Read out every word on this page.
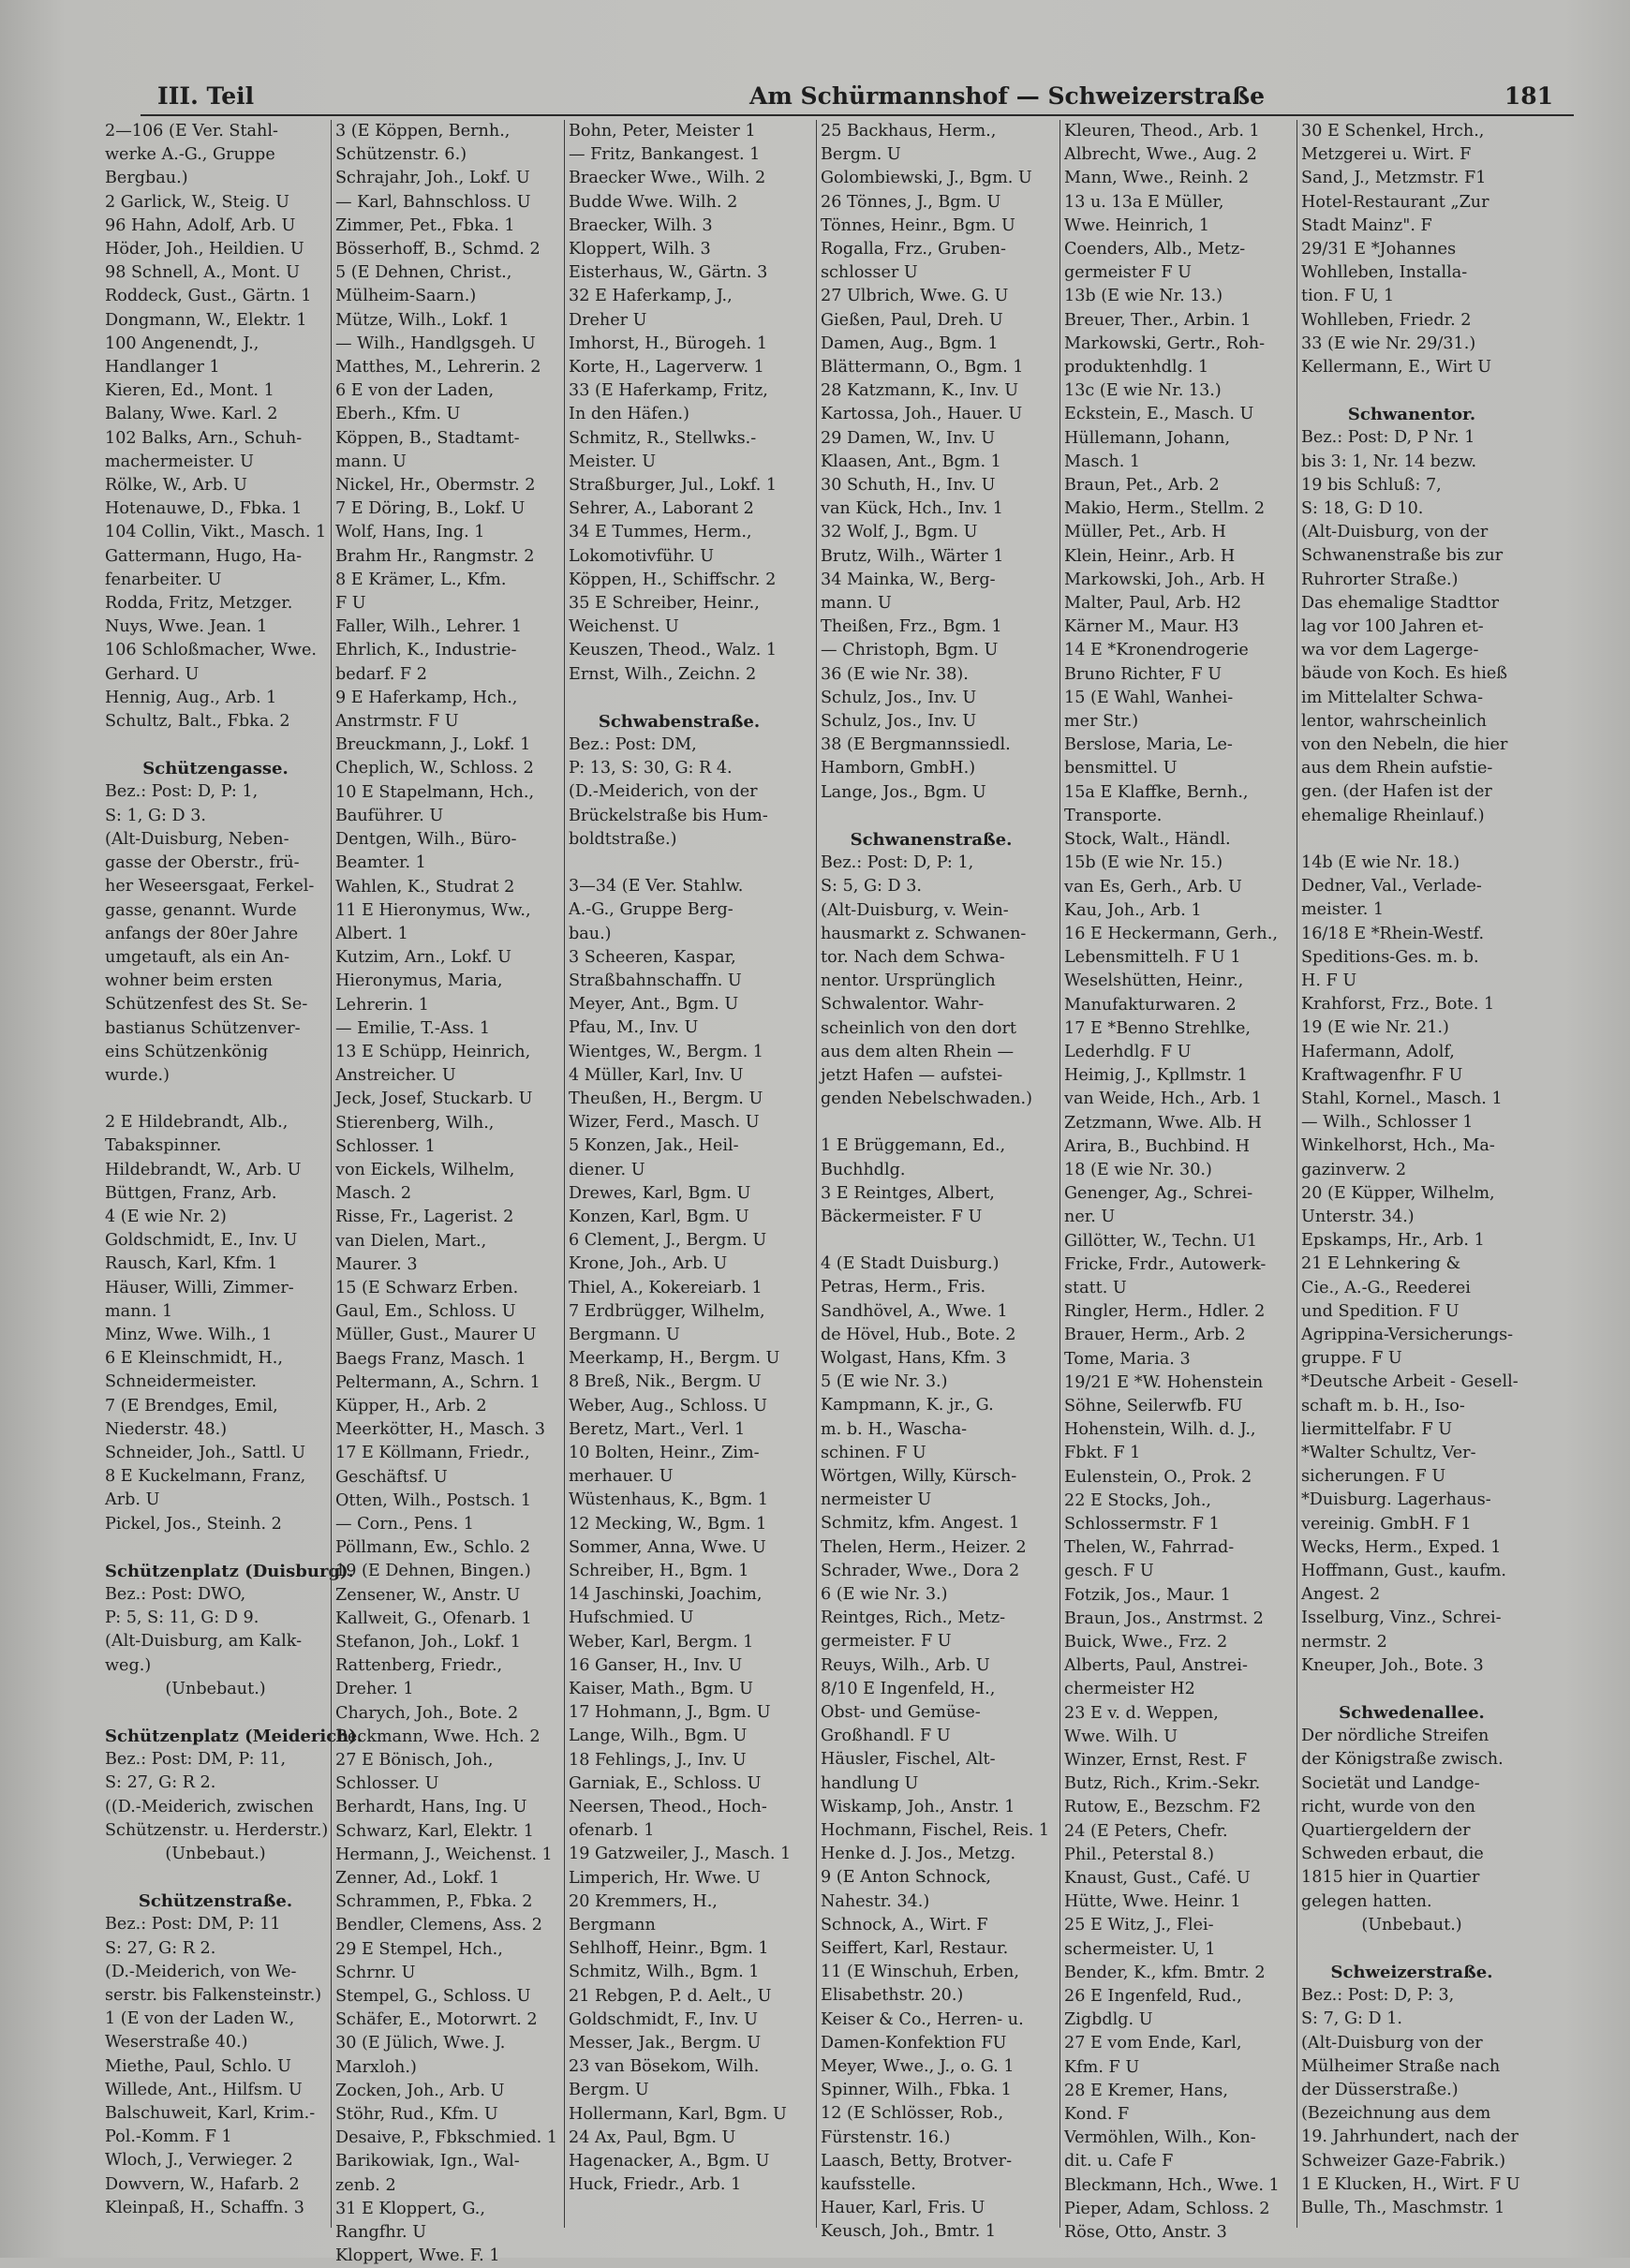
III. Teil	Am Schürmannshof — Schweizerstraße	181
2—106 (E Ver. Stahl-
werke A.-G., Gruppe
Bergbau.)
2 Garlick, W., Steig. U
96 Hahn, Adolf, Arb. U
Höder, Joh., Heildien. U
98 Schnell, A., Mont. U
Roddeck, Gust., Gärtn. 1
Dongmann, W., Elektr. 1
100 Angenendt, J.,
Handlanger 1
Kieren, Ed., Mont. 1
Balany, Wwe. Karl. 2
102 Balks, Arn., Schuh-
machermeister. U
Rölke, W., Arb. U
Hotenauwe, D., Fbka. 1
104 Collin, Vikt., Masch. 1
Gattermann, Hugo, Ha-
fenarbeiter. U
Rodda, Fritz, Metzger.
Nuys, Wwe. Jean. 1
106 Schloßmacher, Wwe.
Gerhard. U
Hennig, Aug., Arb. 1
Schultz, Balt., Fbka. 2
Schützengasse.
Bez.: Post: D, P: 1,
S: 1, G: D 3.
(Alt-Duisburg, Neben-
gasse der Oberstr., frü-
her Weseersgaat, Ferkel-
gasse, genannt. Wurde
anfangs der 80er Jahre
umgetauft, als ein An-
wohner beim ersten
Schützenfest des St. Se-
bastianus Schützenver-
eins Schützenkönig
wurde.)
2 E Hildebrandt, Alb.,
Tabakspinner.
Hildebrandt, W., Arb. U
Büttgen, Franz, Arb.
4 (E wie Nr. 2)
Goldschmidt, E., Inv. U
Rausch, Karl, Kfm. 1
Häuser, Willi, Zimmer-
mann. 1
Minz, Wwe. Wilh., 1
6 E Kleinschmidt, H.,
Schneidermeister.
7 (E Brendges, Emil,
Niederstr. 48.)
Schneider, Joh., Sattl. U
8 E Kuckelmann, Franz,
Arb. U
Pickel, Jos., Steinh. 2
Schützenplatz (Duisburg).
Bez.: Post: DWO,
P: 5, S: 11, G: D 9.
(Alt-Duisburg, am Kalk-
weg.)
(Unbebaut.)
Schützenplatz (Meiderich).
Bez.: Post: DM, P: 11,
S: 27, G: R 2.
((D.-Meiderich, zwischen
Schützenstr. u. Herderstr.)
(Unbebaut.)
Schützenstraße.
Bez.: Post: DM, P: 11
S: 27, G: R 2.
(D.-Meiderich, von We-
serstr. bis Falkensteinstr.)
1 (E von der Laden W.,
Weserstraße 40.)
Miethe, Paul, Schlo. U
Willede, Ant., Hilfsm. U
Balschuweit, Karl, Krim.-
Pol.-Komm. F 1
Wloch, J., Verwieger. 2
Dowvern, W., Hafarb. 2
Kleinpaß, H., Schaffn. 3
3 (E Köppen, Bernh.,
Schützenstr. 6.)
Schrajahr, Joh., Lokf. U
— Karl, Bahnschloss. U
Zimmer, Pet., Fbka. 1
Bösserhoff, B., Schmd. 2
5 (E Dehnen, Christ.,
Mülheim-Saarn.)
Mütze, Wilh., Lokf. 1
— Wilh., Handlgsgeh. U
Matthes, M., Lehrerin. 2
6 E von der Laden,
Eberh., Kfm. U
Köppen, B., Stadtamt-
mann. U
Nickel, Hr., Obermstr. 2
7 E Döring, B., Lokf. U
Wolf, Hans, Ing. 1
Brahm Hr., Rangmstr. 2
8 E Krämer, L., Kfm.
F U
Faller, Wilh., Lehrer. 1
Ehrlich, K., Industrie-
bedarf. F 2
9 E Haferkamp, Hch.,
Anstrmstr. F U
Breuckmann, J., Lokf. 1
Cheplich, W., Schloss. 2
10 E Stapelmann, Hch.,
Bauführer. U
Dentgen, Wilh., Büro-
Beamter. 1
Wahlen, K., Studrat 2
11 E Hieronymus, Ww.,
Albert. 1
Kutzim, Arn., Lokf. U
Hieronymus, Maria,
Lehrerin. 1
— Emilie, T.-Ass. 1
13 E Schüpp, Heinrich,
Anstreicher. U
Jeck, Josef, Stuckarb. U
Stierenberg, Wilh.,
Schlosser. 1
von Eickels, Wilhelm,
Masch. 2
Risse, Fr., Lagerist. 2
van Dielen, Mart.,
Maurer. 3
15 (E Schwarz Erben.
Gaul, Em., Schloss. U
Müller, Gust., Maurer U
Baegs Franz, Masch. 1
Peltermann, A., Schrn. 1
Küpper, H., Arb. 2
Meerkötter, H., Masch. 3
17 E Köllmann, Friedr.,
Geschäftsf. U
Otten, Wilh., Postsch. 1
— Corn., Pens. 1
Pöllmann, Ew., Schlo. 2
19 (E Dehnen, Bingen.)
Zensener, W., Anstr. U
Kallweit, G., Ofenarb. 1
Stefanon, Joh., Lokf. 1
Rattenberg, Friedr.,
Dreher. 1
Charych, Joh., Bote. 2
Beckmann, Wwe. Hch. 2
27 E Bönisch, Joh.,
Schlosser. U
Berhardt, Hans, Ing. U
Schwarz, Karl, Elektr. 1
Hermann, J., Weichenst. 1
Zenner, Ad., Lokf. 1
Schrammen, P., Fbka. 2
Bendler, Clemens, Ass. 2
29 E Stempel, Hch.,
Schrnr. U
Stempel, G., Schloss. U
Schäfer, E., Motorwrt. 2
30 (E Jülich, Wwe. J.
Marxloh.)
Zocken, Joh., Arb. U
Stöhr, Rud., Kfm. U
Desaive, P., Fbkschmied. 1
Barikowiak, Ign., Wal-
zenb. 2
31 E Kloppert, G.,
Rangfhr. U
Kloppert, Wwe. F. 1
Bohn, Peter, Meister 1
— Fritz, Bankangest. 1
Braecker Wwe., Wilh. 2
Budde Wwe. Wilh. 2
Braecker, Wilh. 3
Kloppert, Wilh. 3
Eisterhaus, W., Gärtn. 3
32 E Haferkamp, J.,
Dreher U
Imhorst, H., Bürogeh. 1
Korte, H., Lagerverw. 1
33 (E Haferkamp, Fritz,
In den Häfen.)
Schmitz, R., Stellwks.-
Meister. U
Straßburger, Jul., Lokf. 1
Sehrer, A., Laborant 2
34 E Tummes, Herm.,
Lokomotivführ. U
Köppen, H., Schiffschr. 2
35 E Schreiber, Heinr.,
Weichenst. U
Keuszen, Theod., Walz. 1
Ernst, Wilh., Zeichn. 2
Schwabenstraße.
Bez.: Post: DM,
P: 13, S: 30, G: R 4.
(D.-Meiderich, von der
Brückelstraße bis Hum-
boldtstraße.)
3—34 (E Ver. Stahlw.
A.-G., Gruppe Berg-
bau.)
3 Scheeren, Kaspar,
Straßbahnschaffn. U
Meyer, Ant., Bgm. U
Pfau, M., Inv. U
Wientges, W., Bergm. 1
4 Müller, Karl, Inv. U
Theußen, H., Bergm. U
Wizer, Ferd., Masch. U
5 Konzen, Jak., Heil-
diener. U
Drewes, Karl, Bgm. U
Konzen, Karl, Bgm. U
6 Clement, J., Bergm. U
Krone, Joh., Arb. U
Thiel, A., Kokereiarb. 1
7 Erdbrügger, Wilhelm,
Bergmann. U
Meerkamp, H., Bergm. U
8 Breß, Nik., Bergm. U
Weber, Aug., Schloss. U
Beretz, Mart., Verl. 1
10 Bolten, Heinr., Zim-
merhauer. U
Wüstenhaus, K., Bgm. 1
12 Mecking, W., Bgm. 1
Sommer, Anna, Wwe. U
Schreiber, H., Bgm. 1
14 Jaschinski, Joachim,
Hufschmied. U
Weber, Karl, Bergm. 1
16 Ganser, H., Inv. U
Kaiser, Math., Bgm. U
17 Hohmann, J., Bgm. U
Lange, Wilh., Bgm. U
18 Fehlings, J., Inv. U
Garniak, E., Schloss. U
Neersen, Theod., Hoch-
ofenarb. 1
19 Gatzweiler, J., Masch. 1
Limperich, Hr. Wwe. U
20 Kremmers, H.,
Bergmann
Sehlhoff, Heinr., Bgm. 1
Schmitz, Wilh., Bgm. 1
21 Rebgen, P. d. Aelt., U
Goldschmidt, F., Inv. U
Messer, Jak., Bergm. U
23 van Bösekom, Wilh.
Bergm. U
Hollermann, Karl, Bgm. U
24 Ax, Paul, Bgm. U
Hagenacker, A., Bgm. U
Huck, Friedr., Arb. 1
25 Backhaus, Herm.,
Bergm. U
Golombiewski, J., Bgm. U
26 Tönnes, J., Bgm. U
Tönnes, Heinr., Bgm. U
Rogalla, Frz., Gruben-
schlosser U
27 Ulbrich, Wwe. G. U
Gießen, Paul, Dreh. U
Damen, Aug., Bgm. 1
Blättermann, O., Bgm. 1
28 Katzmann, K., Inv. U
Kartossa, Joh., Hauer. U
29 Damen, W., Inv. U
Klaasen, Ant., Bgm. 1
30 Schuth, H., Inv. U
van Kück, Hch., Inv. 1
32 Wolf, J., Bgm. U
Brutz, Wilh., Wärter 1
34 Mainka, W., Berg-
mann. U
Theißen, Frz., Bgm. 1
— Christoph, Bgm. U
36 (E wie Nr. 38).
Schulz, Jos., Inv. U
Schulz, Jos., Inv. U
38 (E Bergmannssiedl.
Hamborn, GmbH.)
Lange, Jos., Bgm. U
Schwanenstraße.
Bez.: Post: D, P: 1,
S: 5, G: D 3.
(Alt-Duisburg, v. Wein-
hausmarkt z. Schwanen-
tor. Nach dem Schwa-
nentor. Ursprünglich
Schwalentor. Wahr-
scheinlich von den dort
aus dem alten Rhein —
jetzt Hafen — aufstei-
genden Nebelschwaden.)
1 E Brüggemann, Ed.,
Buchhdlg.
3 E Reintges, Albert,
Bäckermeister. F U
4 (E Stadt Duisburg.)
Petras, Herm., Fris.
Sandhövel, A., Wwe. 1
de Hövel, Hub., Bote. 2
Wolgast, Hans, Kfm. 3
5 (E wie Nr. 3.)
Kampmann, K. jr., G.
m. b. H., Wascha-
schinen. F U
Wörtgen, Willy, Kürsch-
nermeister U
Schmitz, kfm. Angest. 1
Thelen, Herm., Heizer. 2
Schrader, Wwe., Dora 2
6 (E wie Nr. 3.)
Reintges, Rich., Metz-
germeister. F U
Reuys, Wilh., Arb. U
8/10 E Ingenfeld, H.,
Obst- und Gemüse-
Großhandl. F U
Häusler, Fischel, Alt-
handlung U
Wiskamp, Joh., Anstr. 1
Hochmann, Fischel, Reis. 1
Henke d. J. Jos., Metzg.
9 (E Anton Schnock,
Nahestr. 34.)
Schnock, A., Wirt. F
Seiffert, Karl, Restaur.
11 (E Winschuh, Erben,
Elisabethstr. 20.)
Keiser & Co., Herren- u.
Damen-Konfektion FU
Meyer, Wwe., J., o. G. 1
Spinner, Wilh., Fbka. 1
12 (E Schlösser, Rob.,
Fürstenstr. 16.)
Laasch, Betty, Brotver-
kaufsstelle.
Hauer, Karl, Fris. U
Keusch, Joh., Bmtr. 1
Kleuren, Theod., Arb. 1
Albrecht, Wwe., Aug. 2
Mann, Wwe., Reinh. 2
13 u. 13a E Müller,
Wwe. Heinrich, 1
Coenders, Alb., Metz-
germeister F U
13b (E wie Nr. 13.)
Breuer, Ther., Arbin. 1
Markowski, Gertr., Roh-
produktenhdlg. 1
13c (E wie Nr. 13.)
Eckstein, E., Masch. U
Hüllemann, Johann,
Masch. 1
Braun, Pet., Arb. 2
Makio, Herm., Stellm. 2
Müller, Pet., Arb. H
Klein, Heinr., Arb. H
Markowski, Joh., Arb. H
Malter, Paul, Arb. H2
Kärner M., Maur. H3
14 E *Kronendrogerie
Bruno Richter, F U
15 (E Wahl, Wanhei-
mer Str.)
Berslose, Maria, Le-
bensmittel. U
15a E Klaffke, Bernh.,
Transporte.
Stock, Walt., Händl.
15b (E wie Nr. 15.)
van Es, Gerh., Arb. U
Kau, Joh., Arb. 1
16 E Heckermann, Gerh.,
Lebensmittelh. F U 1
Weselshütten, Heinr.,
Manufakturwaren. 2
17 E *Benno Strehlke,
Lederhdlg. F U
Heimig, J., Kpllmstr. 1
van Weide, Hch., Arb. 1
Zetzmann, Wwe. Alb. H
Arira, B., Buchbind. H
18 (E wie Nr. 30.)
Genenger, Ag., Schrei-
ner. U
Gillötter, W., Techn. U1
Fricke, Frdr., Autowerk-
statt. U
Ringler, Herm., Hdler. 2
Brauer, Herm., Arb. 2
Tome, Maria. 3
19/21 E *W. Hohenstein
Söhne, Seilerwfb. FU
Hohenstein, Wilh. d. J.,
Fbkt. F 1
Eulenstein, O., Prok. 2
22 E Stocks, Joh.,
Schlossermstr. F 1
Thelen, W., Fahrrad-
gesch. F U
Fotzik, Jos., Maur. 1
Braun, Jos., Anstrmst. 2
Buick, Wwe., Frz. 2
Alberts, Paul, Anstrei-
chermeister H2
23 E v. d. Weppen,
Wwe. Wilh. U
Winzer, Ernst, Rest. F
Butz, Rich., Krim.-Sekr.
Rutow, E., Bezschm. F2
24 (E Peters, Chefr.
Phil., Peterstal 8.)
Knaust, Gust., Café. U
Hütte, Wwe. Heinr. 1
25 E Witz, J., Flei-
schermeister. U, 1
Bender, K., kfm. Bmtr. 2
26 E Ingenfeld, Rud.,
Zigbdlg. U
27 E vom Ende, Karl,
Kfm. F U
28 E Kremer, Hans,
Kond. F
Vermöhlen, Wilh., Kon-
dit. u. Cafe F
Bleckmann, Hch., Wwe. 1
Pieper, Adam, Schloss. 2
Röse, Otto, Anstr. 3
30 E Schenkel, Hrch.,
Metzgerei u. Wirt. F
Sand, J., Metzmstr. F1
Hotel-Restaurant „Zur
Stadt Mainz". F
29/31 E *Johannes
Wohlleben, Installa-
tion. F U, 1
Wohlleben, Friedr. 2
33 (E wie Nr. 29/31.)
Kellermann, E., Wirt U
Schwanentor.
Bez.: Post: D, P Nr. 1
bis 3: 1, Nr. 14 bezw.
19 bis Schluß: 7,
S: 18, G: D 10.
(Alt-Duisburg, von der
Schwanenstraße bis zur
Ruhrorter Straße.)
Das ehemalige Stadttor
lag vor 100 Jahren et-
wa vor dem Lagerge-
bäude von Koch. Es hieß
im Mittelalter Schwa-
lentor, wahrscheinlich
von den Nebeln, die hier
aus dem Rhein aufstie-
gen. (der Hafen ist der
ehemalige Rheinlauf.)
14b (E wie Nr. 18.)
Dedner, Val., Verlade-
meister. 1
16/18 E *Rhein-Westf.
Speditions-Ges. m. b.
H. F U
Krahforst, Frz., Bote. 1
19 (E wie Nr. 21.)
Hafermann, Adolf,
Kraftwagenfhr. F U
Stahl, Kornel., Masch. 1
— Wilh., Schlosser 1
Winkelhorst, Hch., Ma-
gazinverw. 2
20 (E Küpper, Wilhelm,
Unterstr. 34.)
Epskamps, Hr., Arb. 1
21 E Lehnkering &
Cie., A.-G., Reederei
und Spedition. F U
Agrippina-Versicherungs-
gruppe. F U
*Deutsche Arbeit - Gesell-
schaft m. b. H., Iso-
liermittelfabr. F U
*Walter Schultz, Ver-
sicherungen. F U
*Duisburg. Lagerhaus-
vereinig. GmbH. F 1
Wecks, Herm., Exped. 1
Hoffmann, Gust., kaufm.
Angest. 2
Isselburg, Vinz., Schrei-
nermstr. 2
Kneuper, Joh., Bote. 3
Schwedenallee.
Der nördliche Streifen
der Königstraße zwisch.
Societät und Landge-
richt, wurde von den
Quartiergeldern der
Schweden erbaut, die
1815 hier in Quartier
gelegen hatten.
(Unbebaut.)
Schweizerstraße.
Bez.: Post: D, P: 3,
S: 7, G: D 1.
(Alt-Duisburg von der
Mülheimer Straße nach
der Düsserstraße.)
(Bezeichnung aus dem
19. Jahrhundert, nach der
Schweizer Gaze-Fabrik.)
1 E Klucken, H., Wirt. F U
Bulle, Th., Maschmstr. 1
